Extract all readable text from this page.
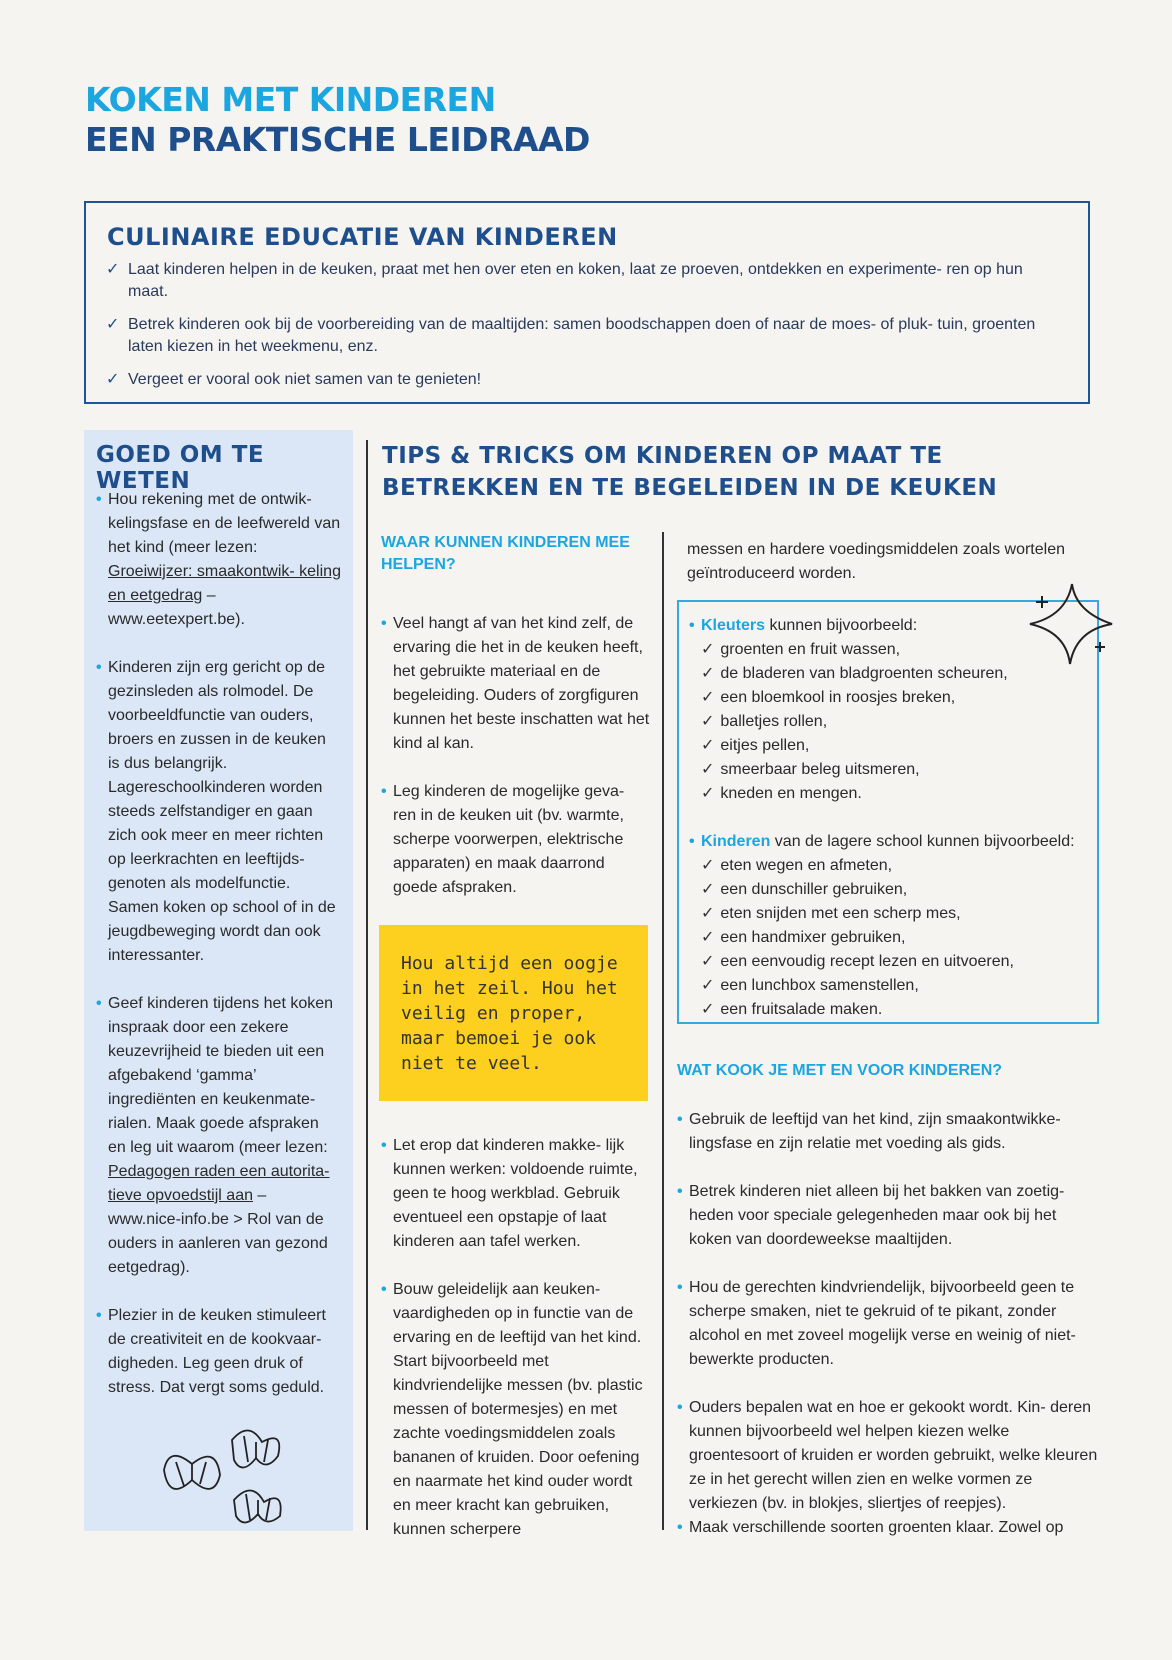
KOKEN MET KINDEREN
EEN PRAKTISCHE LEIDRAAD
CULINAIRE EDUCATIE VAN KINDEREN
✓ Laat kinderen helpen in de keuken, praat met hen over eten en koken, laat ze proeven, ontdekken en experimente- ren op hun maat.
✓ Betrek kinderen ook bij de voorbereiding van de maaltijden: samen boodschappen doen of naar de moes- of pluk- tuin, groenten laten kiezen in het weekmenu, enz.
✓ Vergeet er vooral ook niet samen van te genieten!
GOED OM TE WETEN
• Hou rekening met de ontwik- kelingsfase en de leefwereld van het kind (meer lezen: Groeiwijzer: smaakontwik- keling en eetgedrag – www.eetexpert.be).
• Kinderen zijn erg gericht op de gezinsleden als rolmodel. De voorbeeldfunctie van ouders, broers en zussen in de keuken is dus belangrijk. Lagereschoolkinderen worden steeds zelfstandiger en gaan zich ook meer en meer richten op leerkrachten en leeftijds- genoten als modelfunctie. Samen koken op school of in de jeugdbeweging wordt dan ook interessanter.
• Geef kinderen tijdens het koken inspraak door een zekere keuzevrijheid te bieden uit een afgebakend ‘gamma’ ingrediënten en keukenmate- rialen. Maak goede afspraken en leg uit waarom (meer lezen: Pedagogen raden een autorita- tieve opvoedstijl aan – www.nice-info.be > Rol van de ouders in aanleren van gezond eetgedrag).
• Plezier in de keuken stimuleert de creativiteit en de kookvaar- digheden. Leg geen druk of stress. Dat vergt soms geduld.
TIPS & TRICKS OM KINDEREN OP MAAT TE BETREKKEN EN TE BEGELEIDEN IN DE KEUKEN
WAAR KUNNEN KINDEREN MEE HELPEN?
• Veel hangt af van het kind zelf, de ervaring die het in de keuken heeft, het gebruikte materiaal en de begeleiding. Ouders of zorgfiguren kunnen het beste inschatten wat het kind al kan.
• Leg kinderen de mogelijke geva- ren in de keuken uit (bv. warmte, scherpe voorwerpen, elektrische apparaten) en maak daarrond goede afspraken.
Hou altijd een oogje in het zeil. Hou het veilig en proper, maar bemoei je ook niet te veel.
• Let erop dat kinderen makke- lijk kunnen werken: voldoende ruimte, geen te hoog werkblad. Gebruik eventueel een opstapje of laat kinderen aan tafel werken.
• Bouw geleidelijk aan keuken- vaardigheden op in functie van de ervaring en de leeftijd van het kind. Start bijvoorbeeld met kindvriendelijke messen (bv. plastic messen of botermesjes) en met zachte voedingsmiddelen zoals bananen of kruiden. Door oefening en naarmate het kind ouder wordt en meer kracht kan gebruiken, kunnen scherpere
messen en hardere voedingsmiddelen zoals wortelen geïntroduceerd worden.
• Kleuters kunnen bijvoorbeeld:
✓ groenten en fruit wassen,
✓ de bladeren van bladgroenten scheuren,
✓ een bloemkool in roosjes breken,
✓ balletjes rollen,
✓ eitjes pellen,
✓ smeerbaar beleg uitsmeren,
✓ kneden en mengen.
• Kinderen van de lagere school kunnen bijvoorbeeld:
✓ eten wegen en afmeten,
✓ een dunschiller gebruiken,
✓ eten snijden met een scherp mes,
✓ een handmixer gebruiken,
✓ een eenvoudig recept lezen en uitvoeren,
✓ een lunchbox samenstellen,
✓ een fruitsalade maken.
WAT KOOK JE MET EN VOOR KINDEREN?
• Gebruik de leeftijd van het kind, zijn smaakontwikke- lingsfase en zijn relatie met voeding als gids.
• Betrek kinderen niet alleen bij het bakken van zoetig- heden voor speciale gelegenheden maar ook bij het koken van doordeweekse maaltijden.
• Hou de gerechten kindvriendelijk, bijvoorbeeld geen te scherpe smaken, niet te gekruid of te pikant, zonder alcohol en met zoveel mogelijk verse en weinig of niet-bewerkte producten.
• Ouders bepalen wat en hoe er gekookt wordt. Kin- deren kunnen bijvoorbeeld wel helpen kiezen welke groentesoort of kruiden er worden gebruikt, welke kleuren ze in het gerecht willen zien en welke vormen ze verkiezen (bv. in blokjes, sliertjes of reepjes).
• Maak verschillende soorten groenten klaar. Zowel op
